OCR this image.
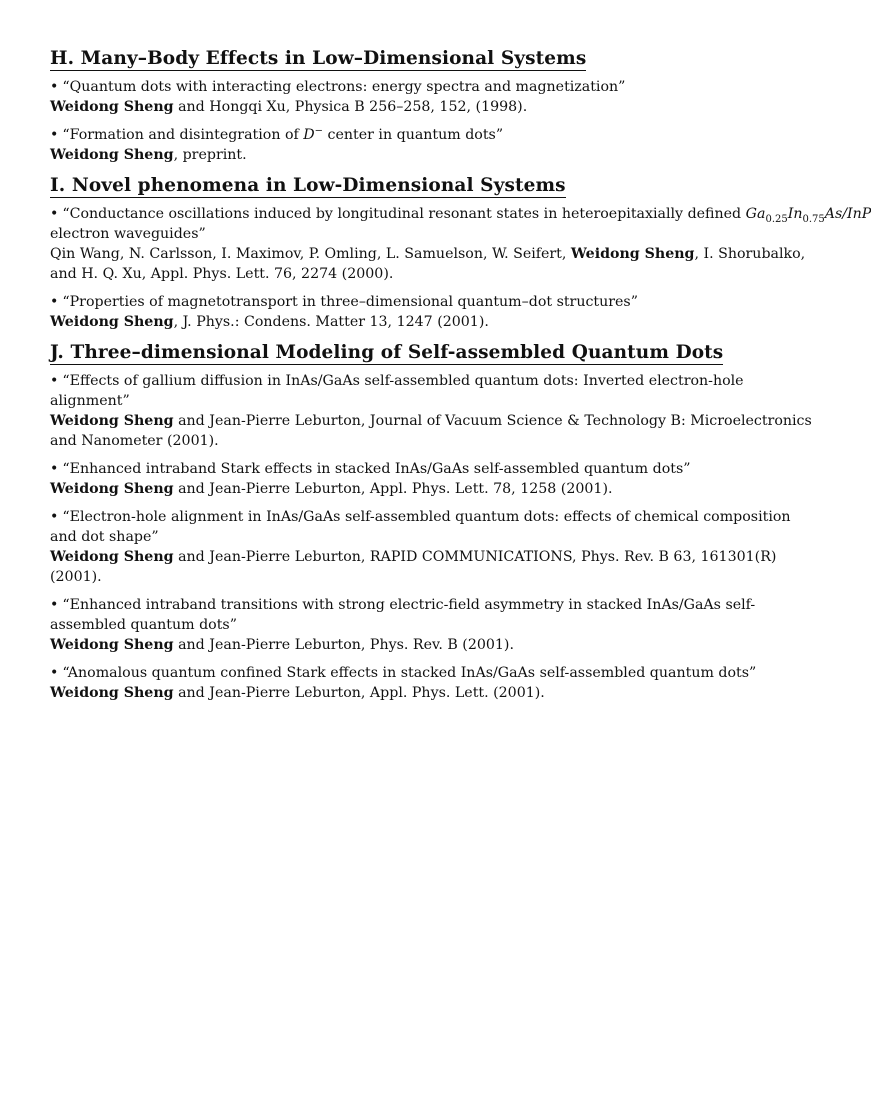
H. Many–Body Effects in Low–Dimensional Systems
• “Quantum dots with interacting electrons: energy spectra and magnetization”
Weidong Sheng and Hongqi Xu, Physica B 256–258, 152, (1998).
• “Formation and disintegration of D− center in quantum dots”
Weidong Sheng, preprint.
I. Novel phenomena in Low-Dimensional Systems
• “Conductance oscillations induced by longitudinal resonant states in heteroepitaxially defined $Ga_{0.25}In_{0.75}As$/InP
electron waveguides”
Qin Wang, N. Carlsson, I. Maximov, P. Omling, L. Samuelson, W. Seifert, Weidong Sheng, I. Shorubalko, and H. Q. Xu, Appl. Phys. Lett. 76, 2274 (2000).
• “Properties of magnetotransport in three–dimensional quantum–dot structures”
Weidong Sheng, J. Phys.: Condens. Matter 13, 1247 (2001).
J. Three–dimensional Modeling of Self-assembled Quantum Dots
• “Effects of gallium diffusion in InAs/GaAs self-assembled quantum dots: Inverted electron-hole alignment”
Weidong Sheng and Jean-Pierre Leburton, Journal of Vacuum Science & Technology B: Microelectronics and Nanometer (2001).
• “Enhanced intraband Stark effects in stacked InAs/GaAs self-assembled quantum dots”
Weidong Sheng and Jean-Pierre Leburton, Appl. Phys. Lett. 78, 1258 (2001).
• “Electron-hole alignment in InAs/GaAs self-assembled quantum dots: effects of chemical composition and dot shape”
Weidong Sheng and Jean-Pierre Leburton, RAPID COMMUNICATIONS, Phys. Rev. B 63, 161301(R) (2001).
• “Enhanced intraband transitions with strong electric-field asymmetry in stacked InAs/GaAs self-assembled quantum dots”
Weidong Sheng and Jean-Pierre Leburton, Phys. Rev. B (2001).
• “Anomalous quantum confined Stark effects in stacked InAs/GaAs self-assembled quantum dots”
Weidong Sheng and Jean-Pierre Leburton, Appl. Phys. Lett. (2001).
